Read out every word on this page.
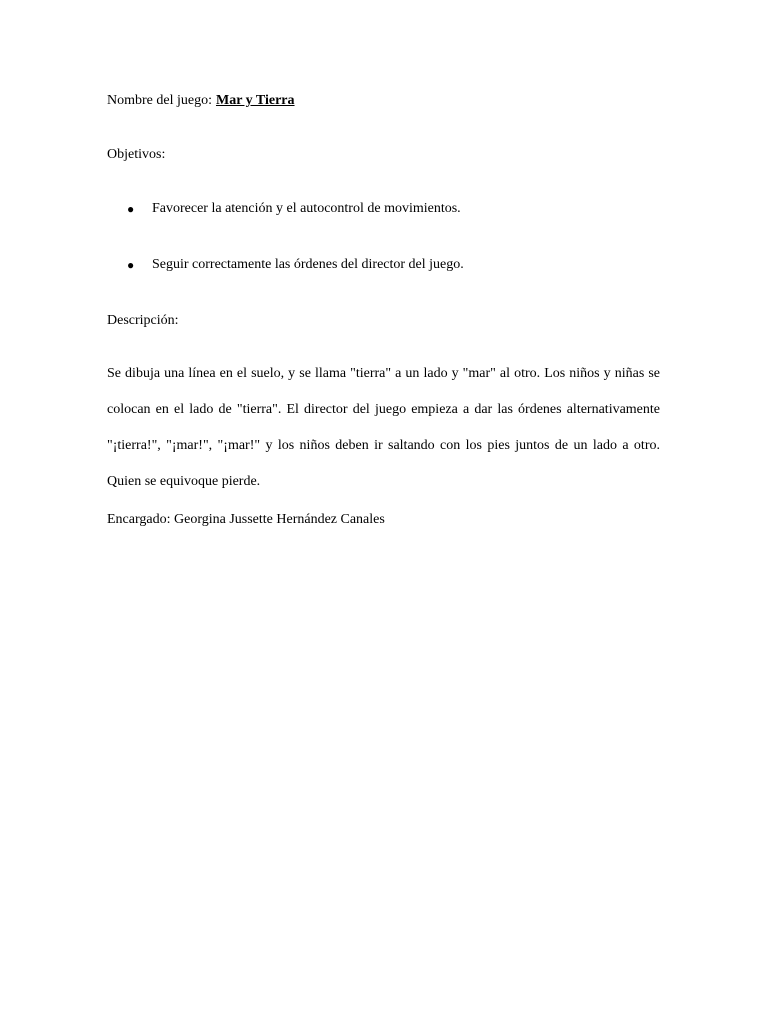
Nombre del juego: Mar y Tierra
Objetivos:
● Favorecer la atención y el autocontrol de movimientos.
● Seguir correctamente las órdenes del director del juego.
Descripción:
Se dibuja una línea en el suelo, y se llama "tierra" a un lado y "mar" al otro. Los niños y niñas se colocan en el lado de "tierra". El director del juego empieza a dar las órdenes alternativamente "¡tierra!", "¡mar!", "¡mar!" y los niños deben ir saltando con los pies juntos de un lado a otro. Quien se equivoque pierde.
Encargado: Georgina Jussette Hernández Canales
